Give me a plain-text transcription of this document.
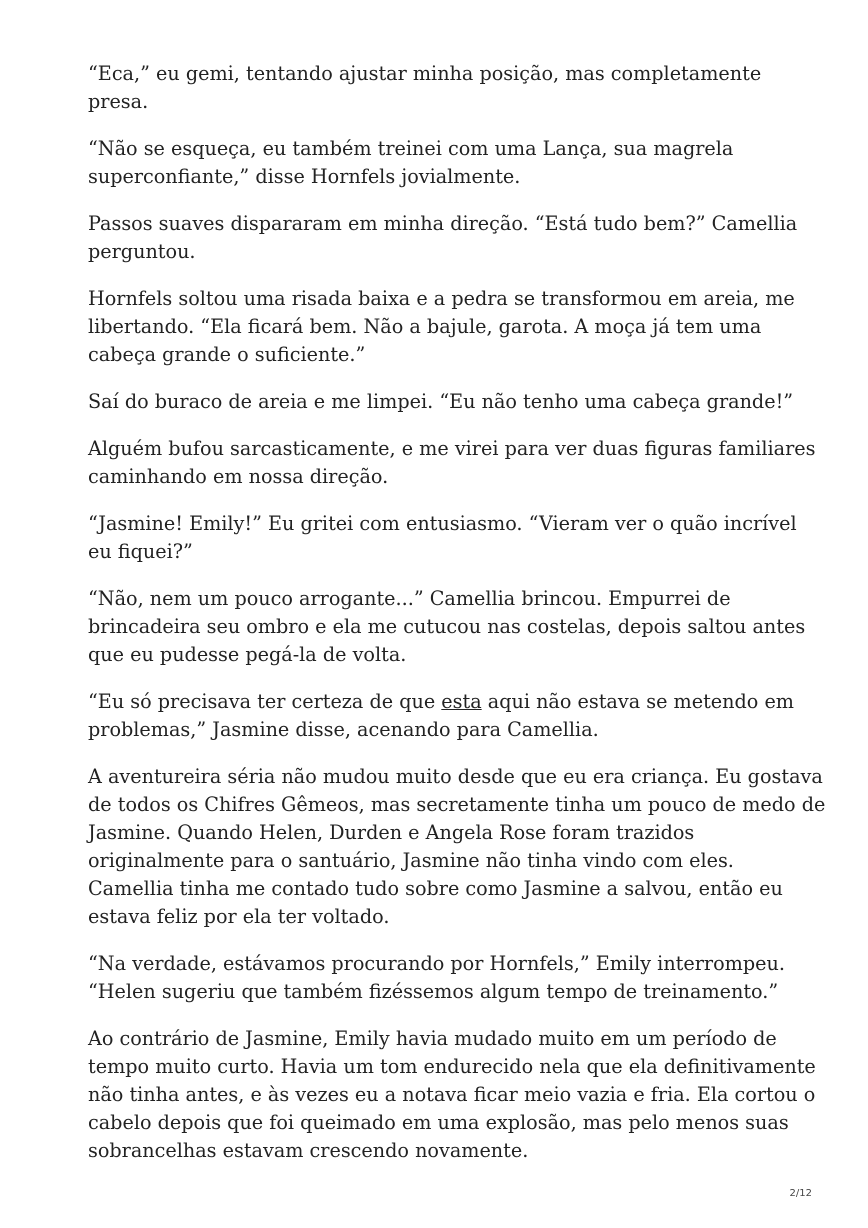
“Eca,” eu gemi, tentando ajustar minha posição, mas completamente
presa.

“Não se esqueça, eu também treinei com uma Lança, sua magrela
superconfiante,” disse Hornfels jovialmente.

Passos suaves dispararam em minha direção. “Está tudo bem?” Camellia
perguntou.

Hornfels soltou uma risada baixa e a pedra se transformou em areia, me
libertando. “Ela ficará bem. Não a bajule, garota. A moça já tem uma
cabeça grande o suficiente.”

Saí do buraco de areia e me limpei. “Eu não tenho uma cabeça grande!”

Alguém bufou sarcasticamente, e me virei para ver duas figuras familiares
caminhando em nossa direção.

“Jasmine! Emily!” Eu gritei com entusiasmo. “Vieram ver o quão incrível
eu fiquei?”

“Não, nem um pouco arrogante...” Camellia brincou. Empurrei de
brincadeira seu ombro e ela me cutucou nas costelas, depois saltou antes
que eu pudesse pegá-la de volta.

“Eu só precisava ter certeza de que esta aqui não estava se metendo em
problemas,” Jasmine disse, acenando para Camellia.

A aventureira séria não mudou muito desde que eu era criança. Eu gostava
de todos os Chifres Gêmeos, mas secretamente tinha um pouco de medo de
Jasmine. Quando Helen, Durden e Angela Rose foram trazidos
originalmente para o santuário, Jasmine não tinha vindo com eles.
Camellia tinha me contado tudo sobre como Jasmine a salvou, então eu
estava feliz por ela ter voltado.

“Na verdade, estávamos procurando por Hornfels,” Emily interrompeu.
“Helen sugeriu que também fizéssemos algum tempo de treinamento.”

Ao contrário de Jasmine, Emily havia mudado muito em um período de
tempo muito curto. Havia um tom endurecido nela que ela definitivamente
não tinha antes, e às vezes eu a notava ficar meio vazia e fria. Ela cortou o
cabelo depois que foi queimado em uma explosão, mas pelo menos suas
sobrancelhas estavam crescendo novamente.

2/12
